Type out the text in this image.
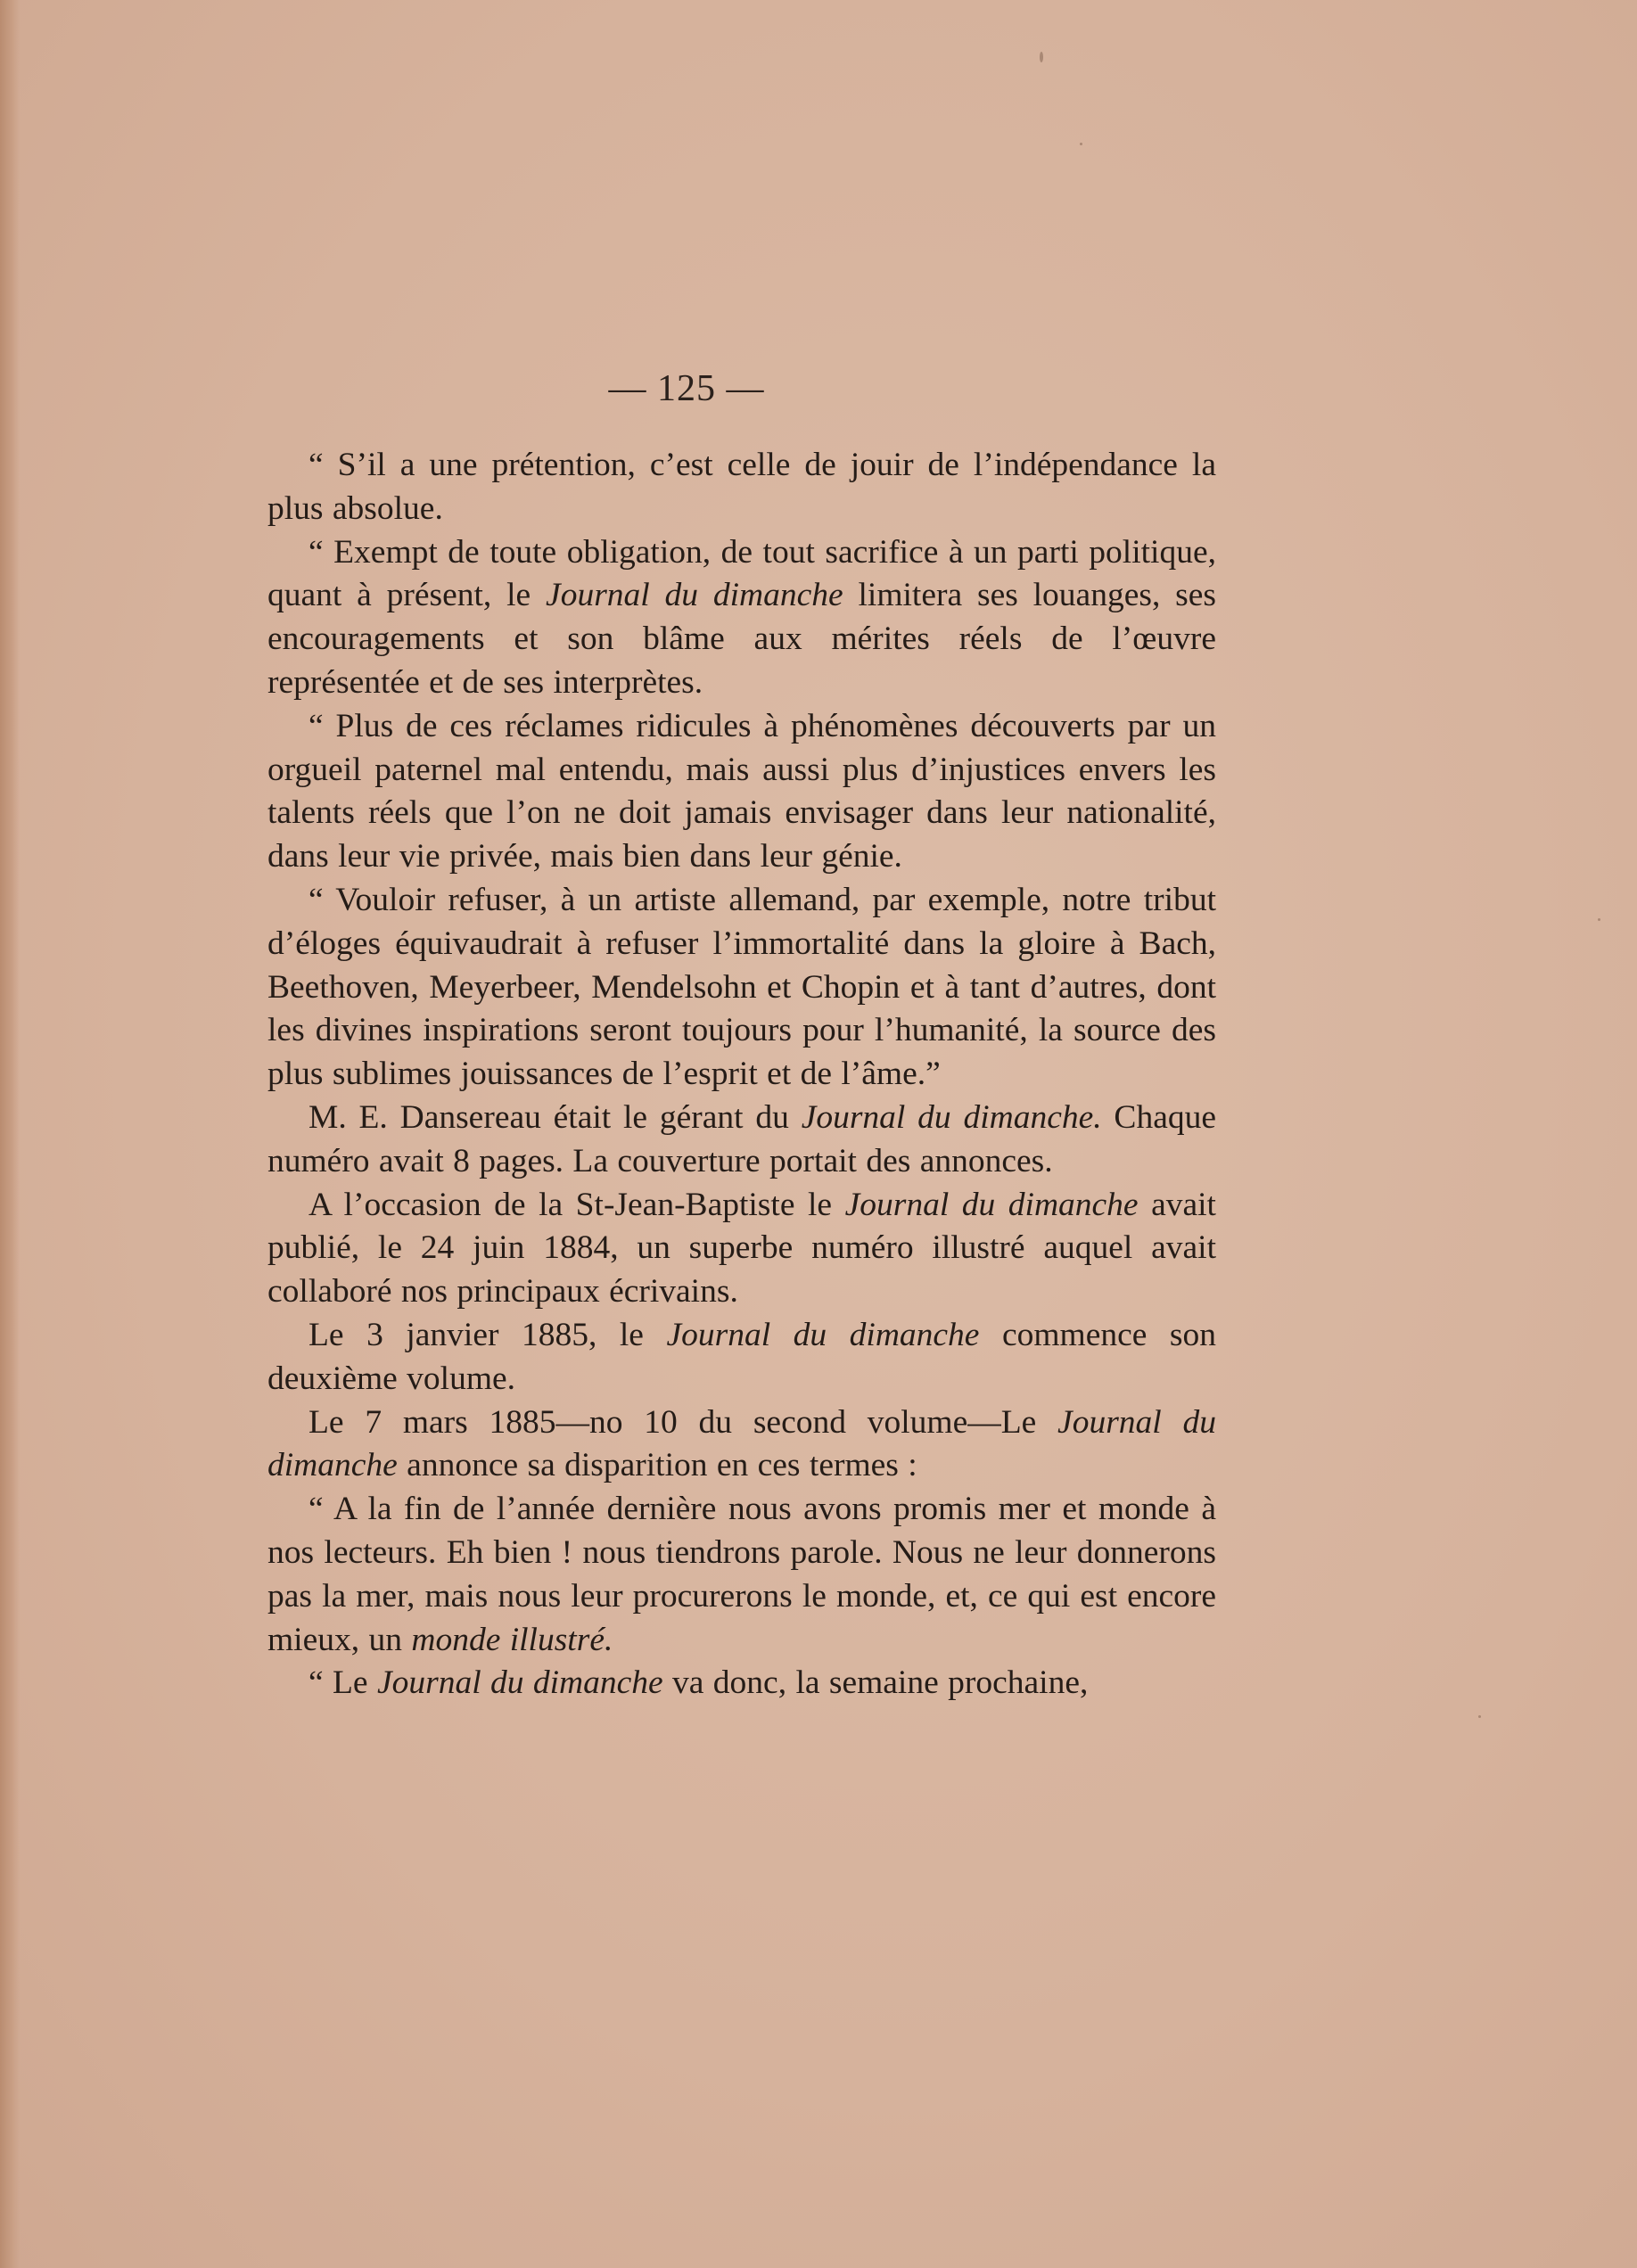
— 125 —

“ S’il a une prétention, c’est celle de jouir de l’indépendance la plus absolue.

“ Exempt de toute obligation, de tout sacrifice à un parti politique, quant à présent, le Journal du dimanche limitera ses louanges, ses encouragements et son blâme aux mérites réels de l’œuvre représentée et de ses interprètes.

“ Plus de ces réclames ridicules à phénomènes découverts par un orgueil paternel mal entendu, mais aussi plus d’injustices envers les talents réels que l’on ne doit jamais envisager dans leur nationalité, dans leur vie privée, mais bien dans leur génie.

“ Vouloir refuser, à un artiste allemand, par exemple, notre tribut d’éloges équivaudrait à refuser l’immortalité dans la gloire à Bach, Beethoven, Meyerbeer, Mendelsohn et Chopin et à tant d’autres, dont les divines inspirations seront toujours pour l’humanité, la source des plus sublimes jouissances de l’esprit et de l’âme.”

M. E. Dansereau était le gérant du Journal du dimanche. Chaque numéro avait 8 pages. La couverture portait des annonces.

A l’occasion de la St-Jean-Baptiste le Journal du dimanche avait publié, le 24 juin 1884, un superbe numéro illustré auquel avait collaboré nos principaux écrivains.

Le 3 janvier 1885, le Journal du dimanche commence son deuxième volume.

Le 7 mars 1885—no 10 du second volume—Le Journal du dimanche annonce sa disparition en ces termes :

“ A la fin de l’année dernière nous avons promis mer et monde à nos lecteurs. Eh bien ! nous tiendrons parole. Nous ne leur donnerons pas la mer, mais nous leur procurerons le monde, et, ce qui est encore mieux, un monde illustré.

“ Le Journal du dimanche va donc, la semaine prochaine,
